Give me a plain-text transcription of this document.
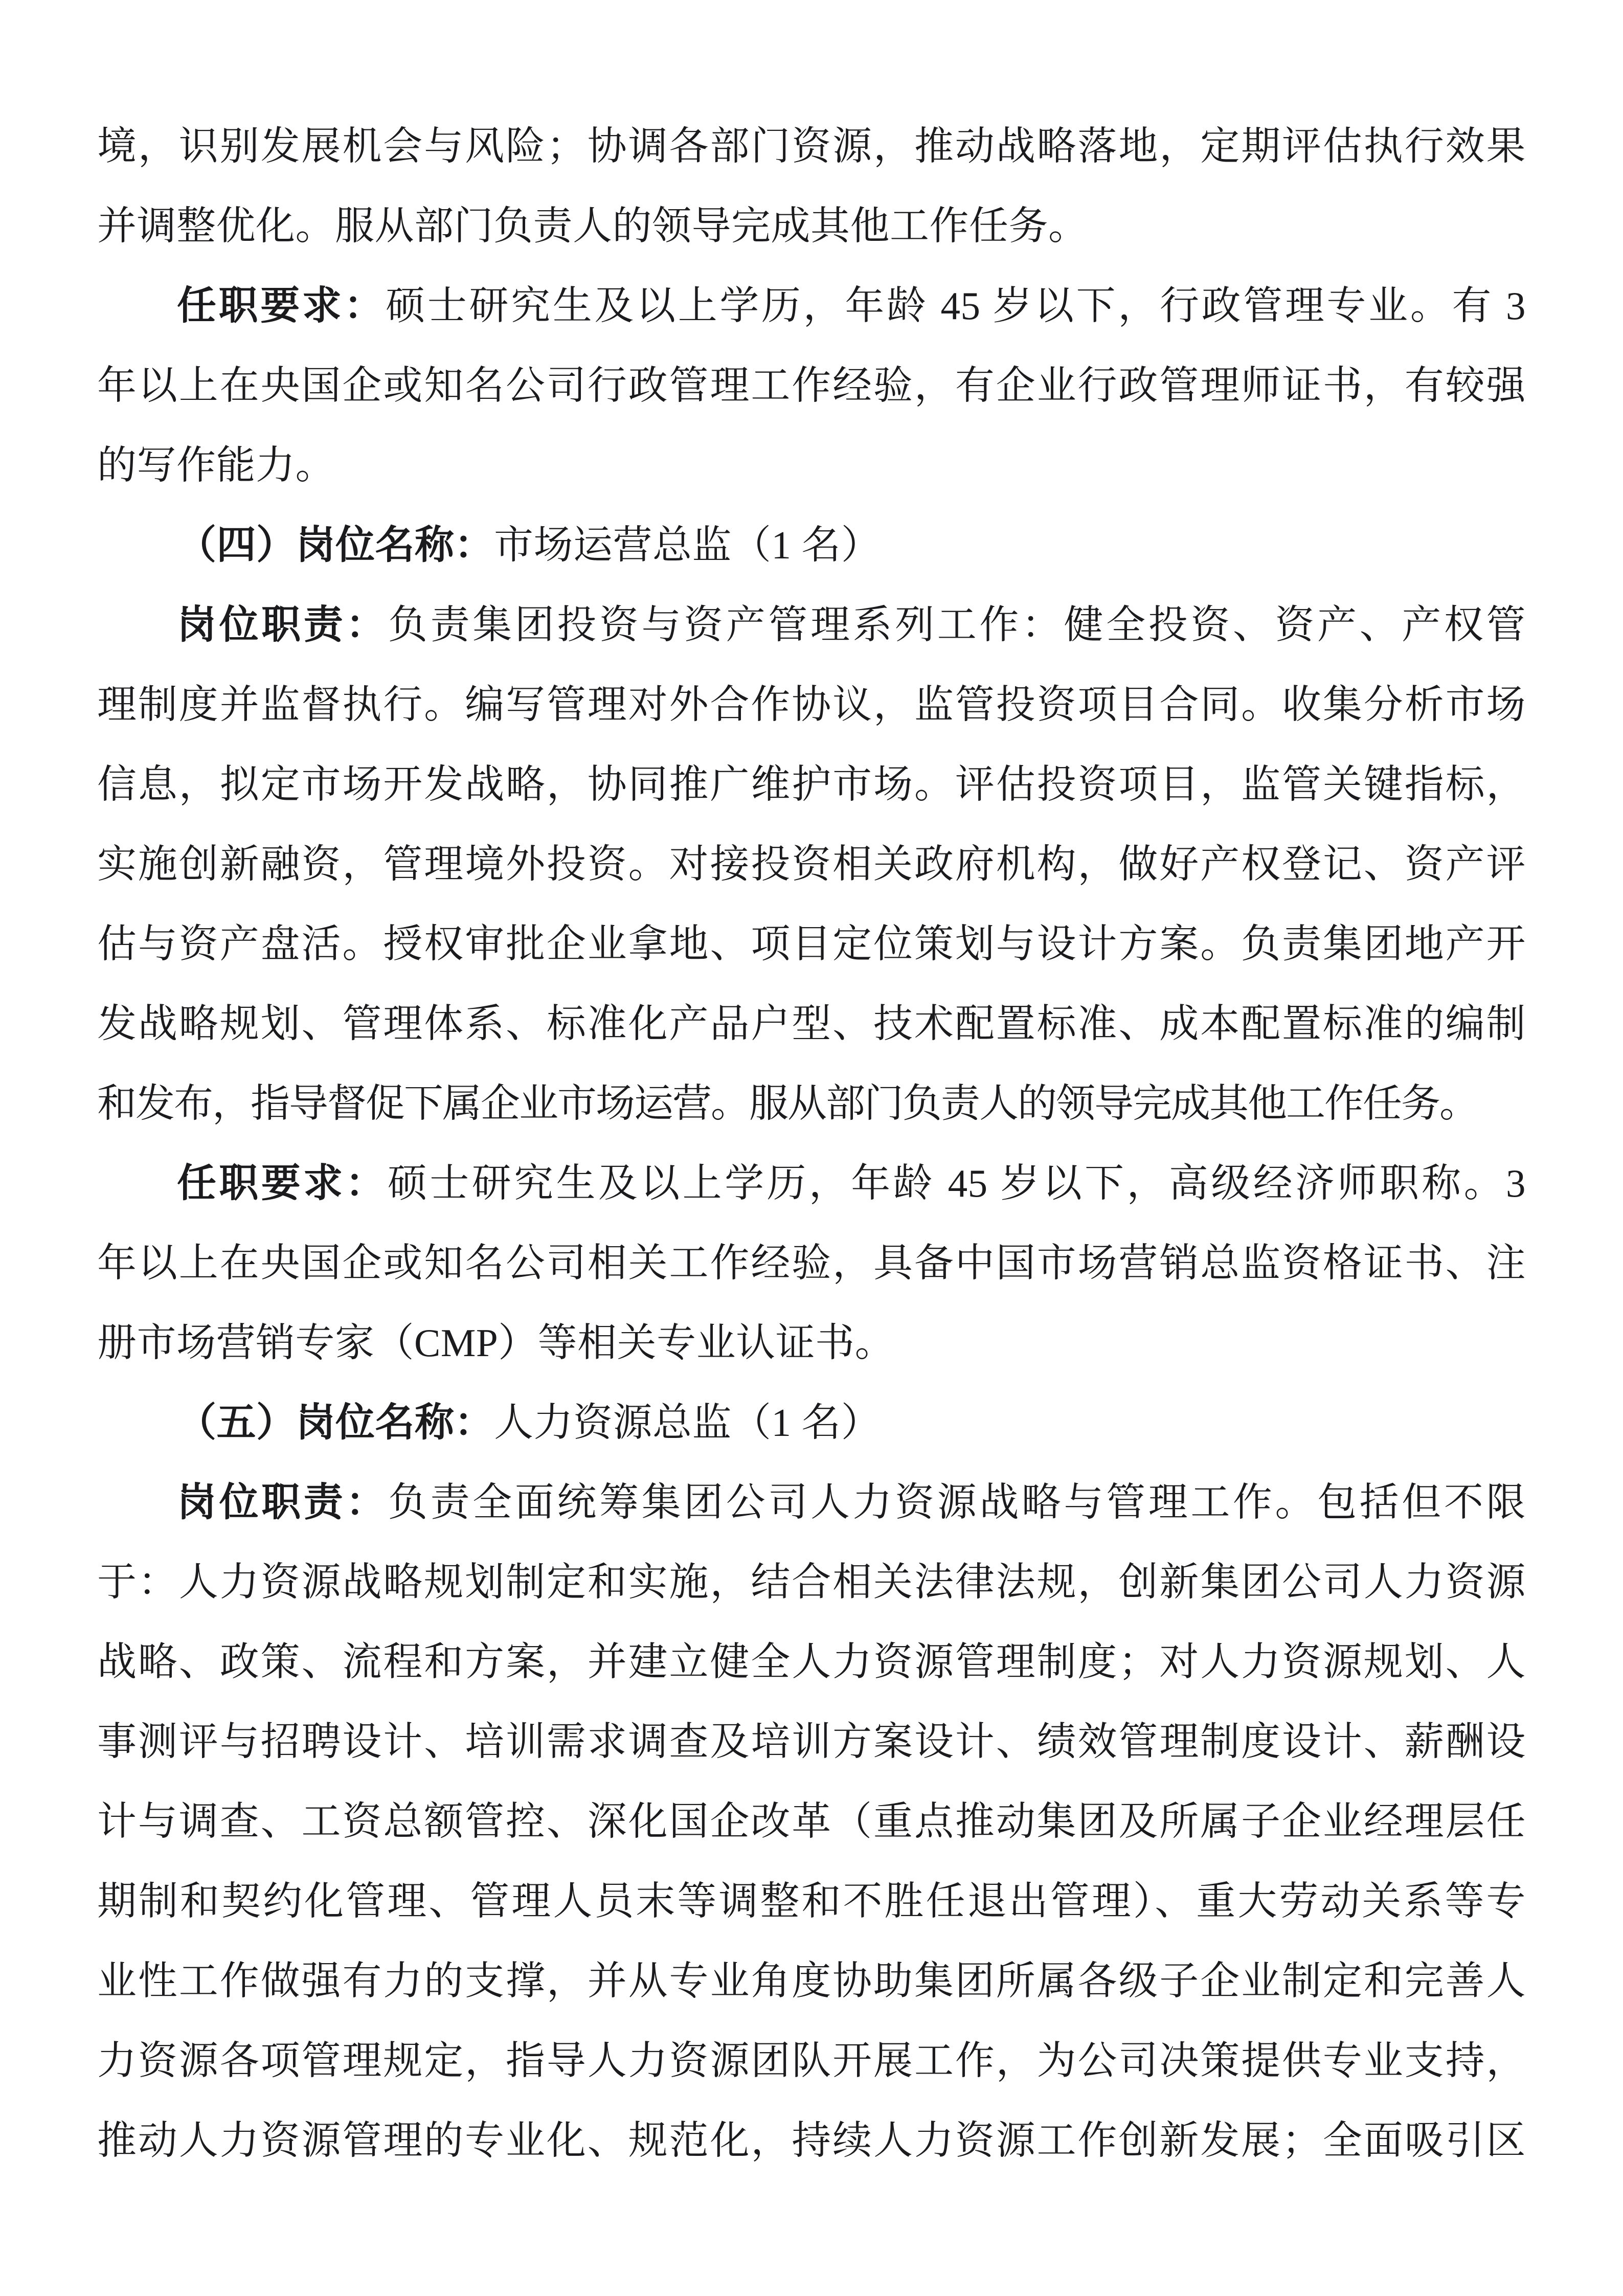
境，识别发展机会与风险；协调各部门资源，推动战略落地，定期评估执行效果
并调整优化。服从部门负责人的领导完成其他工作任务。
任职要求：硕士研究生及以上学历，年龄 45 岁以下，行政管理专业。有 3
年以上在央国企或知名公司行政管理工作经验，有企业行政管理师证书，有较强
的写作能力。
（四）岗位名称：市场运营总监（1 名）
岗位职责：负责集团投资与资产管理系列工作：健全投资、资产、产权管
理制度并监督执行。编写管理对外合作协议，监管投资项目合同。收集分析市场
信息，拟定市场开发战略，协同推广维护市场。评估投资项目，监管关键指标，
实施创新融资，管理境外投资。对接投资相关政府机构，做好产权登记、资产评
估与资产盘活。授权审批企业拿地、项目定位策划与设计方案。负责集团地产开
发战略规划、管理体系、标准化产品户型、技术配置标准、成本配置标准的编制
和发布，指导督促下属企业市场运营。服从部门负责人的领导完成其他工作任务。
任职要求：硕士研究生及以上学历，年龄 45 岁以下，高级经济师职称。3
年以上在央国企或知名公司相关工作经验，具备中国市场营销总监资格证书、注
册市场营销专家（CMP）等相关专业认证书。
（五）岗位名称：人力资源总监（1 名）
岗位职责：负责全面统筹集团公司人力资源战略与管理工作。包括但不限
于：人力资源战略规划制定和实施，结合相关法律法规，创新集团公司人力资源
战略、政策、流程和方案，并建立健全人力资源管理制度；对人力资源规划、人
事测评与招聘设计、培训需求调查及培训方案设计、绩效管理制度设计、薪酬设
计与调查、工资总额管控、深化国企改革（重点推动集团及所属子企业经理层任
期制和契约化管理、管理人员末等调整和不胜任退出管理）、重大劳动关系等专
业性工作做强有力的支撑，并从专业角度协助集团所属各级子企业制定和完善人
力资源各项管理规定，指导人力资源团队开展工作，为公司决策提供专业支持，
推动人力资源管理的专业化、规范化，持续人力资源工作创新发展；全面吸引区
